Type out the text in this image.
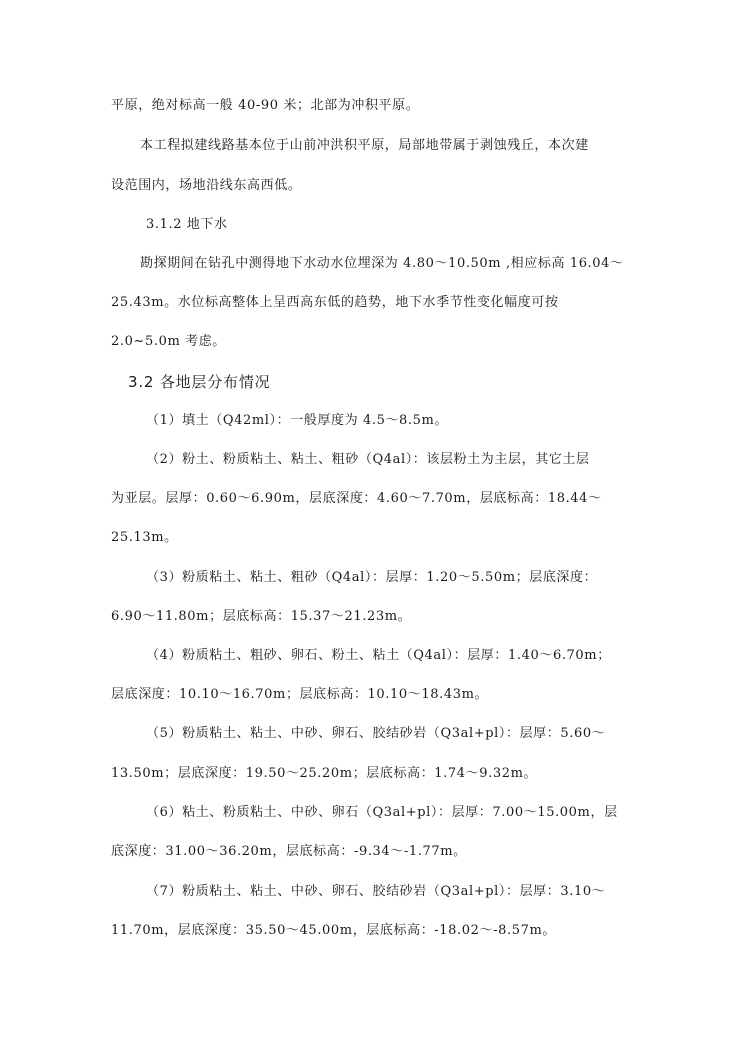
平原，绝对标高一般 40-90 米；北部为冲积平原。
本工程拟建线路基本位于山前冲洪积平原，局部地带属于剥蚀残丘，本次建
设范围内，场地沿线东高西低。
3.1.2 地下水
勘探期间在钻孔中测得地下水动水位埋深为 4.80～10.50m ,相应标高 16.04～
25.43m。水位标高整体上呈西高东低的趋势，地下水季节性变化幅度可按
2.0~5.0m 考虑。
3.2 各地层分布情况
（1）填土（Q42ml）：一般厚度为 4.5～8.5m。
（2）粉土、粉质粘土、粘土、粗砂（Q4al）：该层粉土为主层，其它土层
为亚层。层厚：0.60～6.90m，层底深度：4.60～7.70m，层底标高：18.44～
25.13m。
（3）粉质粘土、粘土、粗砂（Q4al）：层厚：1.20～5.50m；层底深度：
6.90～11.80m；层底标高：15.37～21.23m。
（4）粉质粘土、粗砂、卵石、粉土、粘土（Q4al）：层厚：1.40～6.70m；
层底深度：10.10～16.70m；层底标高：10.10～18.43m。
（5）粉质粘土、粘土、中砂、卵石、胶结砂岩（Q3al+pl）：层厚：5.60～
13.50m；层底深度：19.50～25.20m；层底标高：1.74～9.32m。
（6）粘土、粉质粘土、中砂、卵石（Q3al+pl）：层厚：7.00～15.00m，层
底深度：31.00～36.20m，层底标高：-9.34～-1.77m。
（7）粉质粘土、粘土、中砂、卵石、胶结砂岩（Q3al+pl）：层厚：3.10～
11.70m，层底深度：35.50～45.00m，层底标高：-18.02～-8.57m。
